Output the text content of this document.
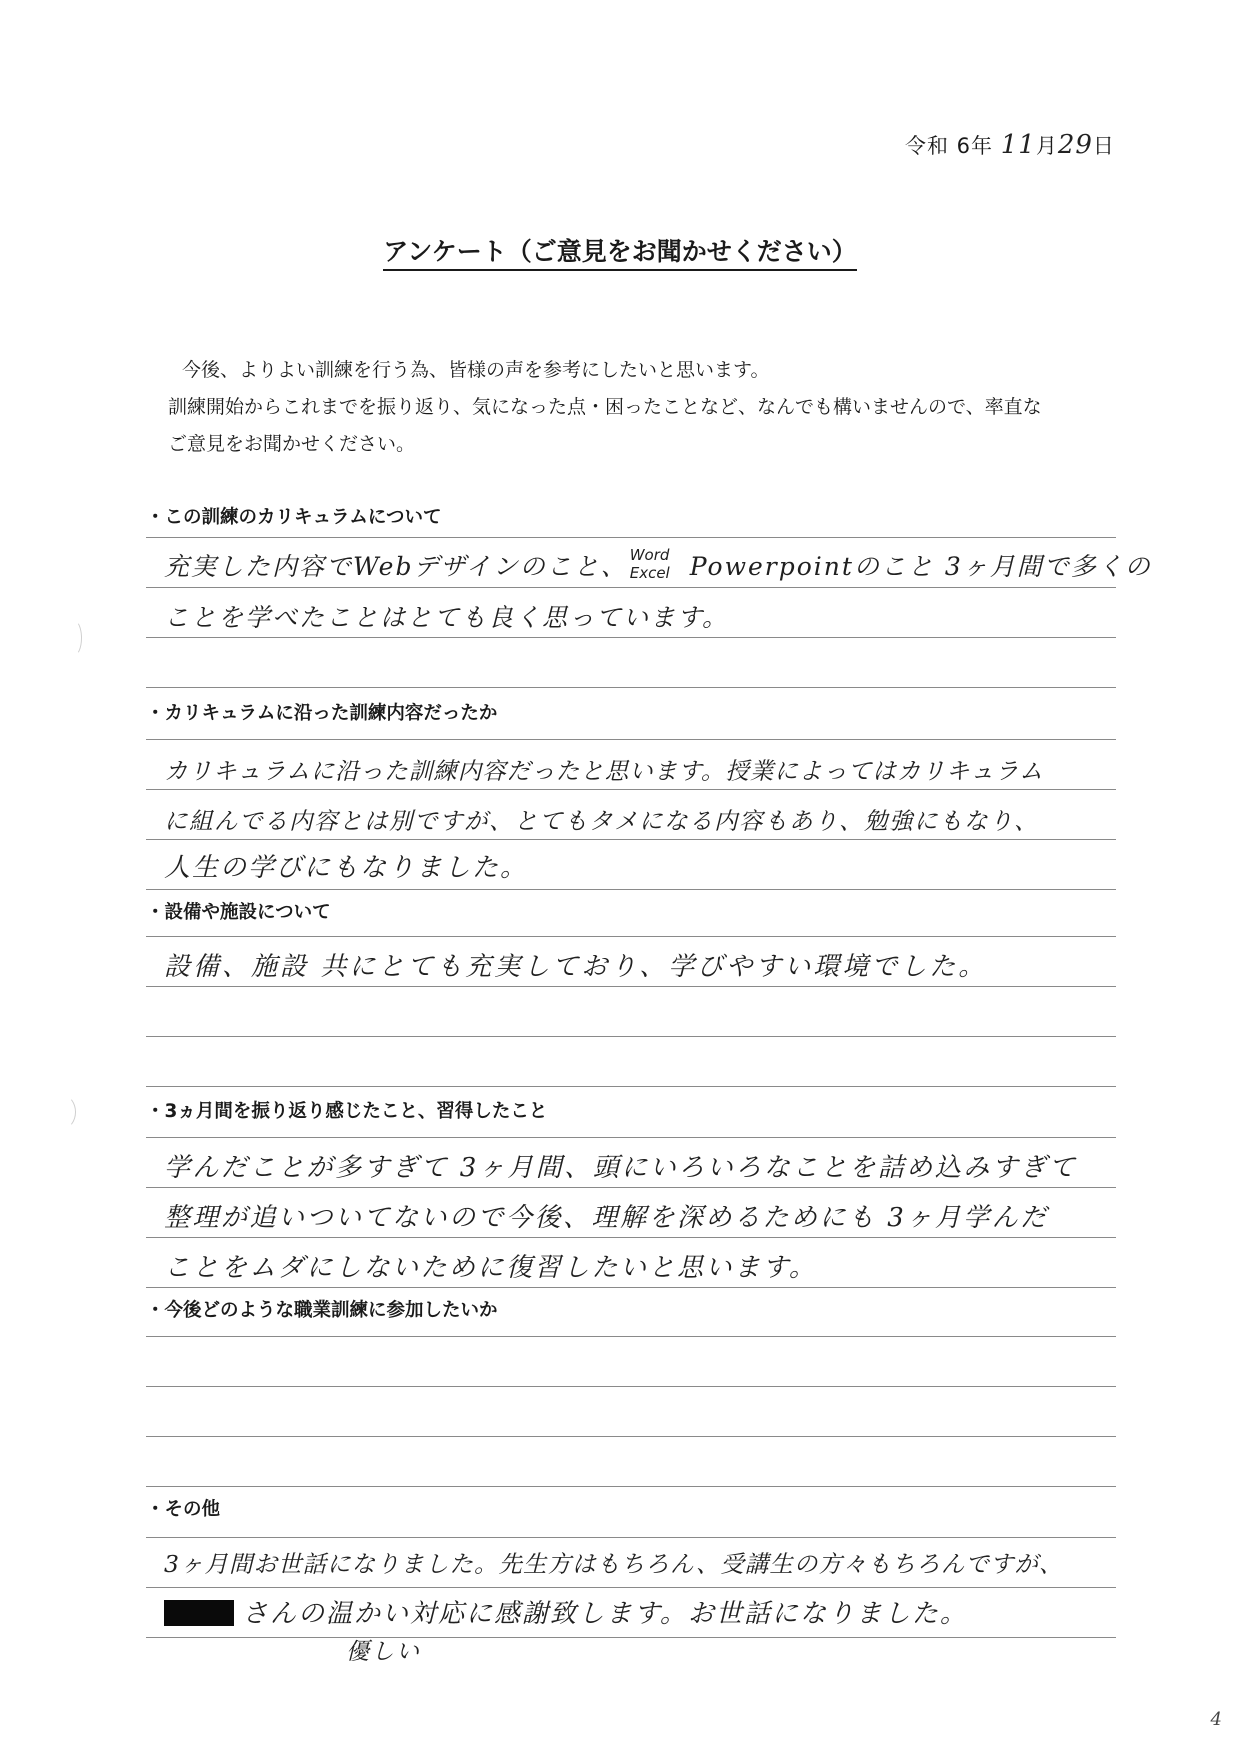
令和 6年 11月29日
アンケート（ご意見をお聞かせください）
今後、よりよい訓練を行う為、皆様の声を参考にしたいと思います。
訓練開始からこれまでを振り返り、気になった点・困ったことなど、なんでも構いませんので、率直な
ご意見をお聞かせください。
・この訓練のカリキュラムについて
充実した内容でWebデザインのこと、 Word
Excel Powerpointのこと 3ヶ月間で多くの
ことを学べたことはとても良く思っています。
・カリキュラムに沿った訓練内容だったか
カリキュラムに沿った訓練内容だったと思います。授業によってはカリキュラム
に組んでる内容とは別ですが、とてもタメになる内容もあり、勉強にもなり、
人生の学びにもなりました。
・設備や施設について
設備、施設 共にとても充実しており、学びやすい環境でした。
・3ヵ月間を振り返り感じたこと、習得したこと
学んだことが多すぎて 3ヶ月間、頭にいろいろなことを詰め込みすぎて
整理が追いついてないので今後、理解を深めるためにも 3ヶ月学んだ
ことをムダにしないために復習したいと思います。
・今後どのような職業訓練に参加したいか
・その他
3ヶ月間お世話になりました。先生方はもちろん、受講生の方々もちろんですが、
さんの温かい対応に感謝致します。お世話になりました。
優しい
4
